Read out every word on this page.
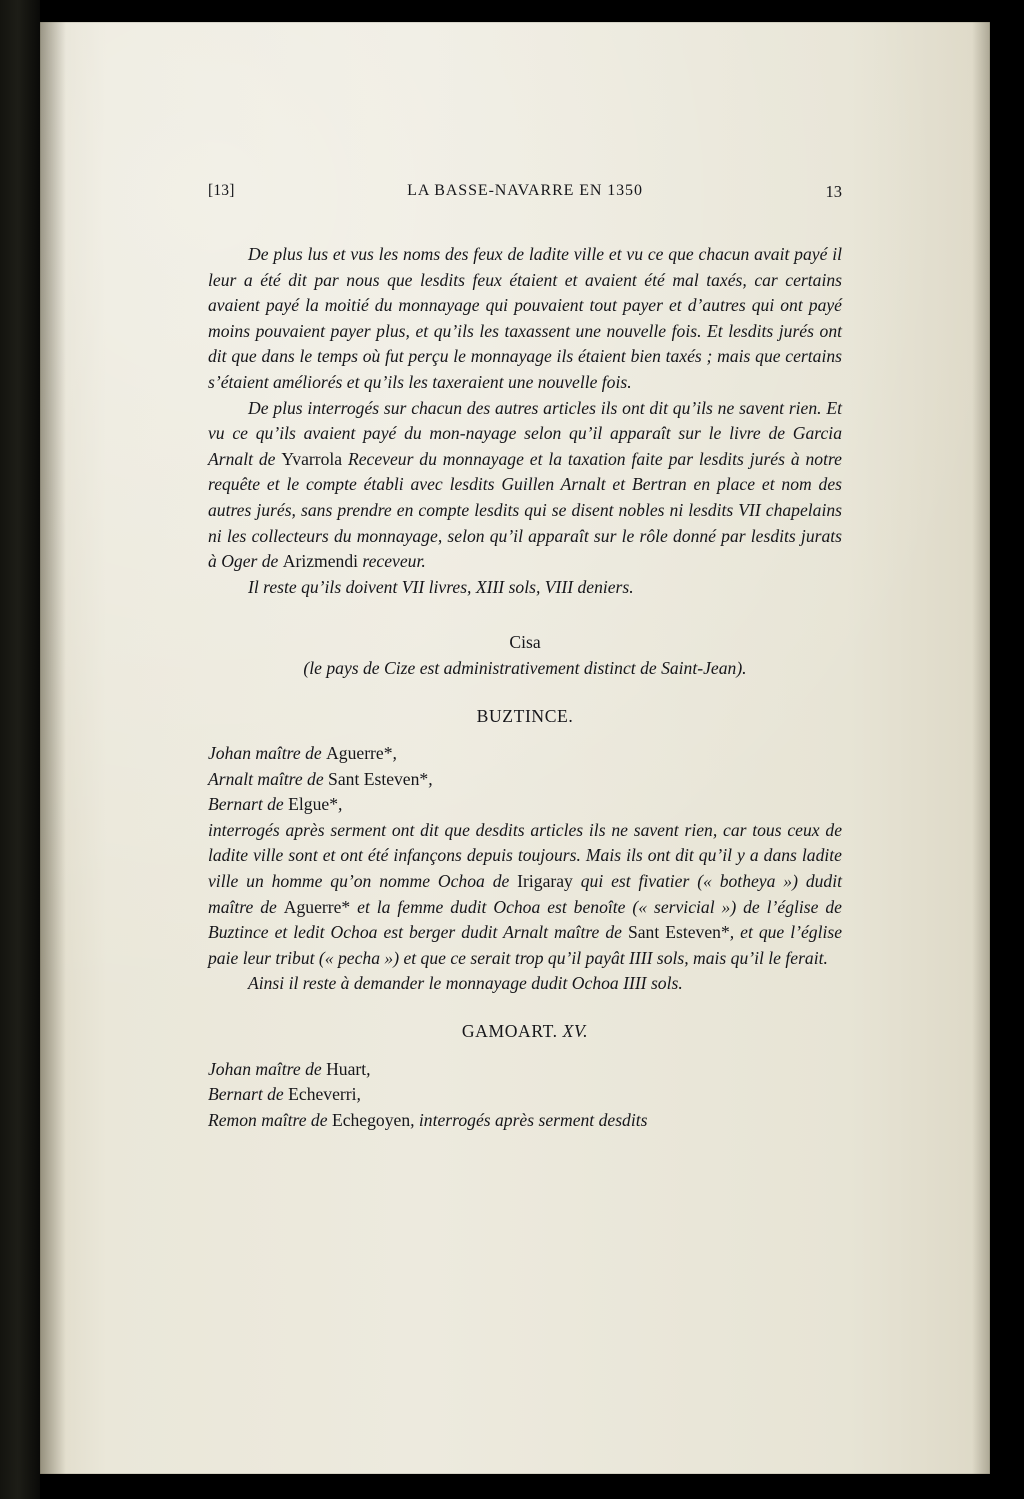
[13]	LA BASSE-NAVARRE EN 1350	13

De plus lus et vus les noms des feux de ladite ville et vu ce que chacun avait payé il leur a été dit par nous que lesdits feux étaient et avaient été mal taxés, car certains avaient payé la moitié du monnayage qui pouvaient tout payer et d’autres qui ont payé moins pouvaient payer plus, et qu’ils les taxassent une nouvelle fois. Et lesdits jurés ont dit que dans le temps où fut perçu le monnayage ils étaient bien taxés ; mais que certains s’étaient améliorés et qu’ils les taxeraient une nouvelle fois.

De plus interrogés sur chacun des autres articles ils ont dit qu’ils ne savent rien. Et vu ce qu’ils avaient payé du mon-nayage selon qu’il apparaît sur le livre de Garcia Arnalt de Yvarrola Receveur du monnayage et la taxation faite par lesdits jurés à notre requête et le compte établi avec lesdits Guillen Arnalt et Bertran en place et nom des autres jurés, sans prendre en compte lesdits qui se disent nobles ni lesdits VII chapelains ni les collecteurs du monnayage, selon qu’il apparaît sur le rôle donné par lesdits jurats à Oger de Arizmendi receveur.

Il reste qu’ils doivent VII livres, XIII sols, VIII deniers.

Cisa
(le pays de Cize est administrativement distinct de Saint-Jean).
BUZTINCE.

Johan maître de Aguerre*,

Arnalt maître de Sant Esteven*,

Bernart de Elgue*,

interrogés après serment ont dit que desdits articles ils ne savent rien, car tous ceux de ladite ville sont et ont été infançons depuis toujours. Mais ils ont dit qu’il y a dans ladite ville un homme qu’on nomme Ochoa de Irigaray qui est fivatier (« botheya ») dudit maître de Aguerre* et la femme dudit Ochoa est benoîte (« servicial ») de l’église de Buztince et ledit Ochoa est berger dudit Arnalt maître de Sant Esteven*, et que l’église paie leur tribut (« pecha ») et que ce serait trop qu’il payât IIII sols, mais qu’il le ferait.

Ainsi il reste à demander le monnayage dudit Ochoa IIII sols.

GAMOART. XV.

Johan maître de Huart,

Bernart de Echeverri,

Remon maître de Echegoyen, interrogés après serment desdits
